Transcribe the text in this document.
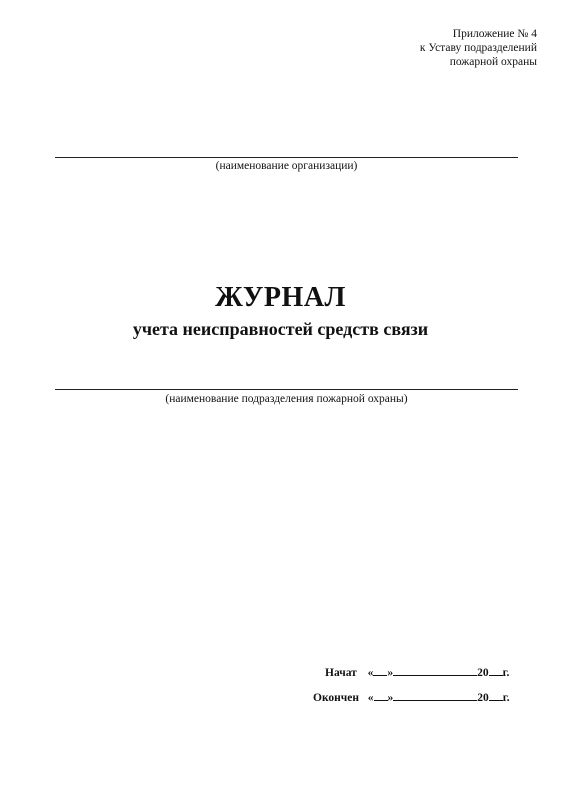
Приложение № 4
к Уставу подразделений
пожарной охраны
(наименование организации)
ЖУРНАЛ
учета неисправностей средств связи
(наименование подразделения пожарной охраны)
Начат « »	20 г.
Окончен « »	20 г.
